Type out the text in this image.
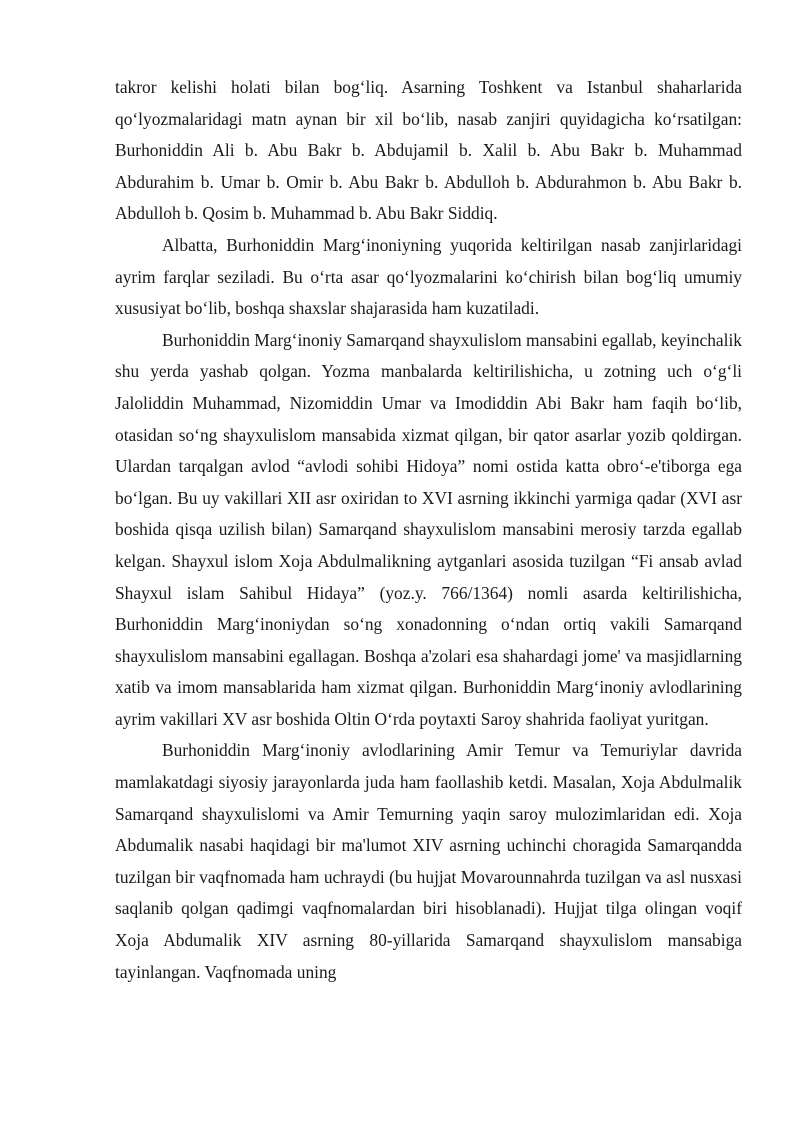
takror kelishi holati bilan bog‘liq. Asarning Toshkent va Istanbul shaharlarida qo‘lyozmalaridagi matn aynan bir xil bo‘lib, nasab zanjiri quyidagicha ko‘rsatilgan: Burhoniddin Ali b. Abu Bakr b. Abdujamil b. Xalil b. Abu Bakr b. Muhammad Abdurahim b. Umar b. Omir b. Abu Bakr b. Abdulloh b. Abdurahmon b. Abu Bakr b. Abdulloh b. Qosim b. Muhammad b. Abu Bakr Siddiq.

Albatta, Burhoniddin Marg‘inoniyning yuqorida keltirilgan nasab zanjirlaridagi ayrim farqlar seziladi. Bu o‘rta asar qo‘lyozmalarini ko‘chirish bilan bog‘liq umumiy xususiyat bo‘lib, boshqa shaxslar shajarasida ham kuzatiladi.

Burhoniddin Marg‘inoniy Samarqand shayxulislom mansabini egallab, keyinchalik shu yerda yashab qolgan. Yozma manbalarda keltirilishicha, u zotning uch o‘g‘li Jaloliddin Muhammad, Nizomiddin Umar va Imodiddin Abi Bakr ham faqih bo‘lib, otasidan so‘ng shayxulislom mansabida xizmat qilgan, bir qator asarlar yozib qoldirgan. Ulardan tarqalgan avlod “avlodi sohibi Hidoya” nomi ostida katta obro‘-e'tiborga ega bo‘lgan. Bu uy vakillari XII asr oxiridan to XVI asrning ikkinchi yarmiga qadar (XVI asr boshida qisqa uzilish bilan) Samarqand shayxulislom mansabini merosiy tarzda egallab kelgan. Shayxul islom Xoja Abdulmalikning aytganlari asosida tuzilgan “Fi ansab avlad Shayxul islam Sahibul Hidaya” (yoz.y. 766/1364) nomli asarda keltirilishicha, Burhoniddin Marg‘inoniydan so‘ng xonadonning o‘ndan ortiq vakili Samarqand shayxulislom mansabini egallagan. Boshqa a'zolari esa shahardagi jome' va masjidlarning xatib va imom mansablarida ham xizmat qilgan. Burhoniddin Marg‘inoniy avlodlarining ayrim vakillari XV asr boshida Oltin O‘rda poytaxti Saroy shahrida faoliyat yuritgan.

Burhoniddin Marg‘inoniy avlodlarining Amir Temur va Temuriylar davrida mamlakatdagi siyosiy jarayonlarda juda ham faollashib ketdi. Masalan, Xoja Abdulmalik Samarqand shayxulislomi va Amir Temurning yaqin saroy mulozimlaridan edi. Xoja Abdumalik nasabi haqidagi bir ma'lumot XIV asrning uchinchi choragida Samarqandda tuzilgan bir vaqfnomada ham uchraydi (bu hujjat Movarounnahrda tuzilgan va asl nusxasi saqlanib qolgan qadimgi vaqfnomalardan biri hisoblanadi). Hujjat tilga olingan voqif Xoja Abdumalik XIV asrning 80-yillarida Samarqand shayxulislom mansabiga tayinlangan. Vaqfnomada uning
